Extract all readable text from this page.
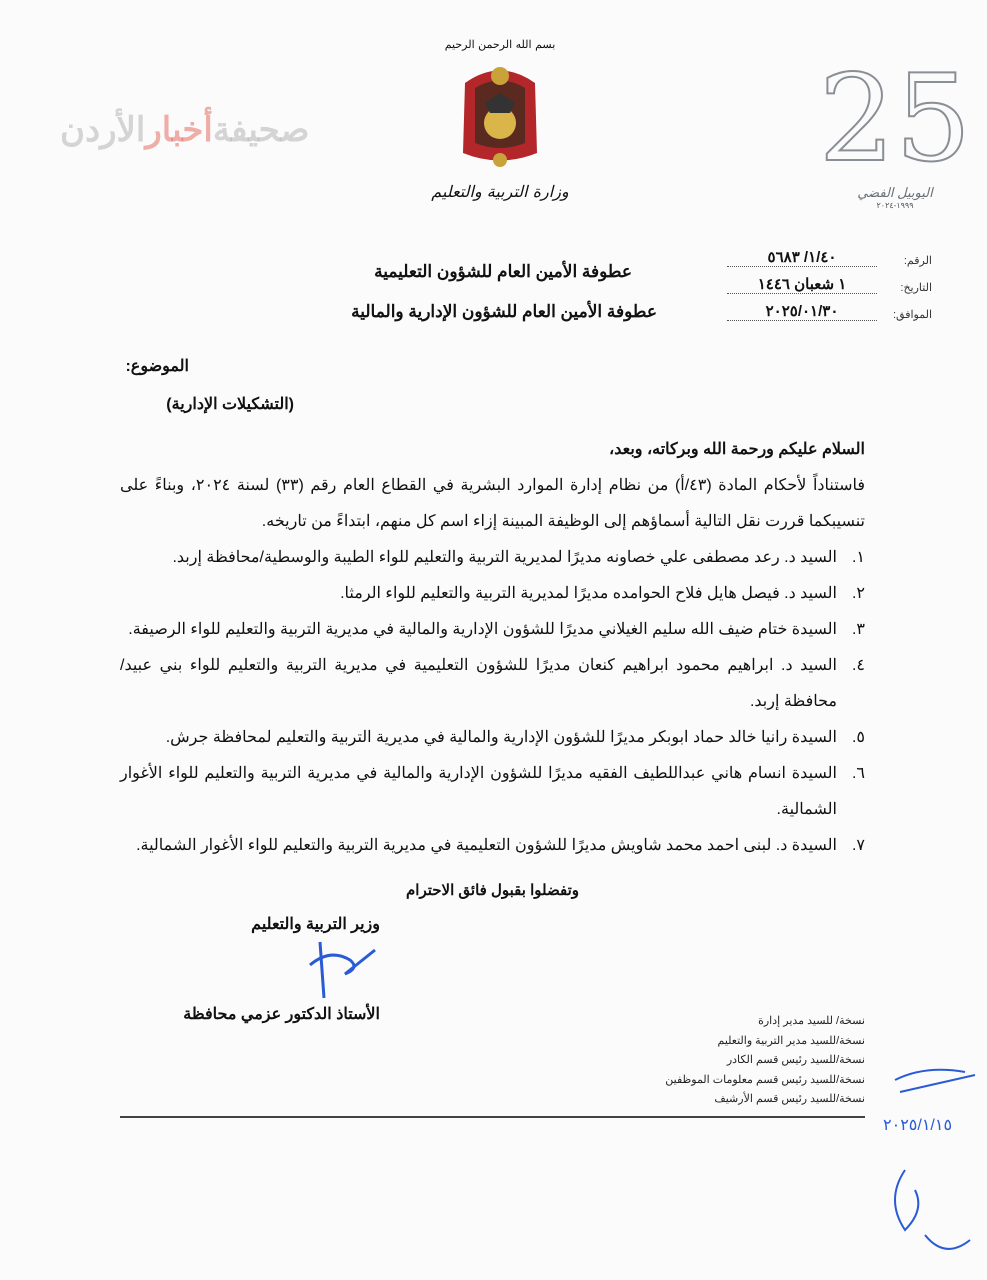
بسم الله الرحمن الرحيم
وزارة التربية والتعليم
25
اليوبيل الفضي
١٩٩٩-٢٠٢٤
صحيفةأخبارالأردن
الرقم:
١/٤٠/ ٥٦٨٣
التاريخ:
١ شعبان ١٤٤٦
الموافق:
٢٠٢٥/٠١/٣٠
عطوفة الأمين العام للشؤون التعليمية
عطوفة الأمين العام للشؤون الإدارية والمالية
الموضوع:
(التشكيلات الإدارية)

السلام عليكم ورحمة الله وبركاته، وبعد،

فاستناداً لأحكام المادة (٤٣/أ) من نظام إدارة الموارد البشرية في القطاع العام رقم (٣٣) لسنة ٢٠٢٤، وبناءً على تنسيبكما قررت نقل التالية أسماؤهم إلى الوظيفة المبينة إزاء اسم كل منهم، ابتداءً من تاريخه.

١.
السيد د. رعد مصطفى علي خصاونه مديرًا لمديرية التربية والتعليم للواء الطيبة والوسطية/محافظة إربد.
٢.
السيد د. فيصل هايل فلاح الحوامده مديرًا لمديرية التربية والتعليم للواء الرمثا.
٣.
السيدة ختام ضيف الله سليم الغيلاني مديرًا للشؤون الإدارية والمالية في مديرية التربية والتعليم للواء الرصيفة.
٤.
السيد د. ابراهيم محمود ابراهيم كنعان مديرًا للشؤون التعليمية في مديرية التربية والتعليم للواء بني عبيد/محافظة إربد.
٥.
السيدة رانيا خالد حماد ابوبكر مديرًا للشؤون الإدارية والمالية في مديرية التربية والتعليم لمحافظة جرش.
٦.
السيدة انسام هاني عبداللطيف الفقيه مديرًا للشؤون الإدارية والمالية في مديرية التربية والتعليم للواء الأغوار الشمالية.
٧.
السيدة د. لبنى احمد محمد شاويش مديرًا للشؤون التعليمية في مديرية التربية والتعليم للواء الأغوار الشمالية.
وتفضلوا بقبول فائق الاحترام
نسخة/ للسيد مدير إدارة
نسخة/للسيد مدير التربية والتعليم
نسخة/للسيد رئيس قسم الكادر
نسخة/للسيد رئيس قسم معلومات الموظفين
نسخة/للسيد رئيس قسم الأرشيف
وزير التربية والتعليم
الأستاذ الدكتور عزمي محافظة
٢٠٢٥/١/١٥
